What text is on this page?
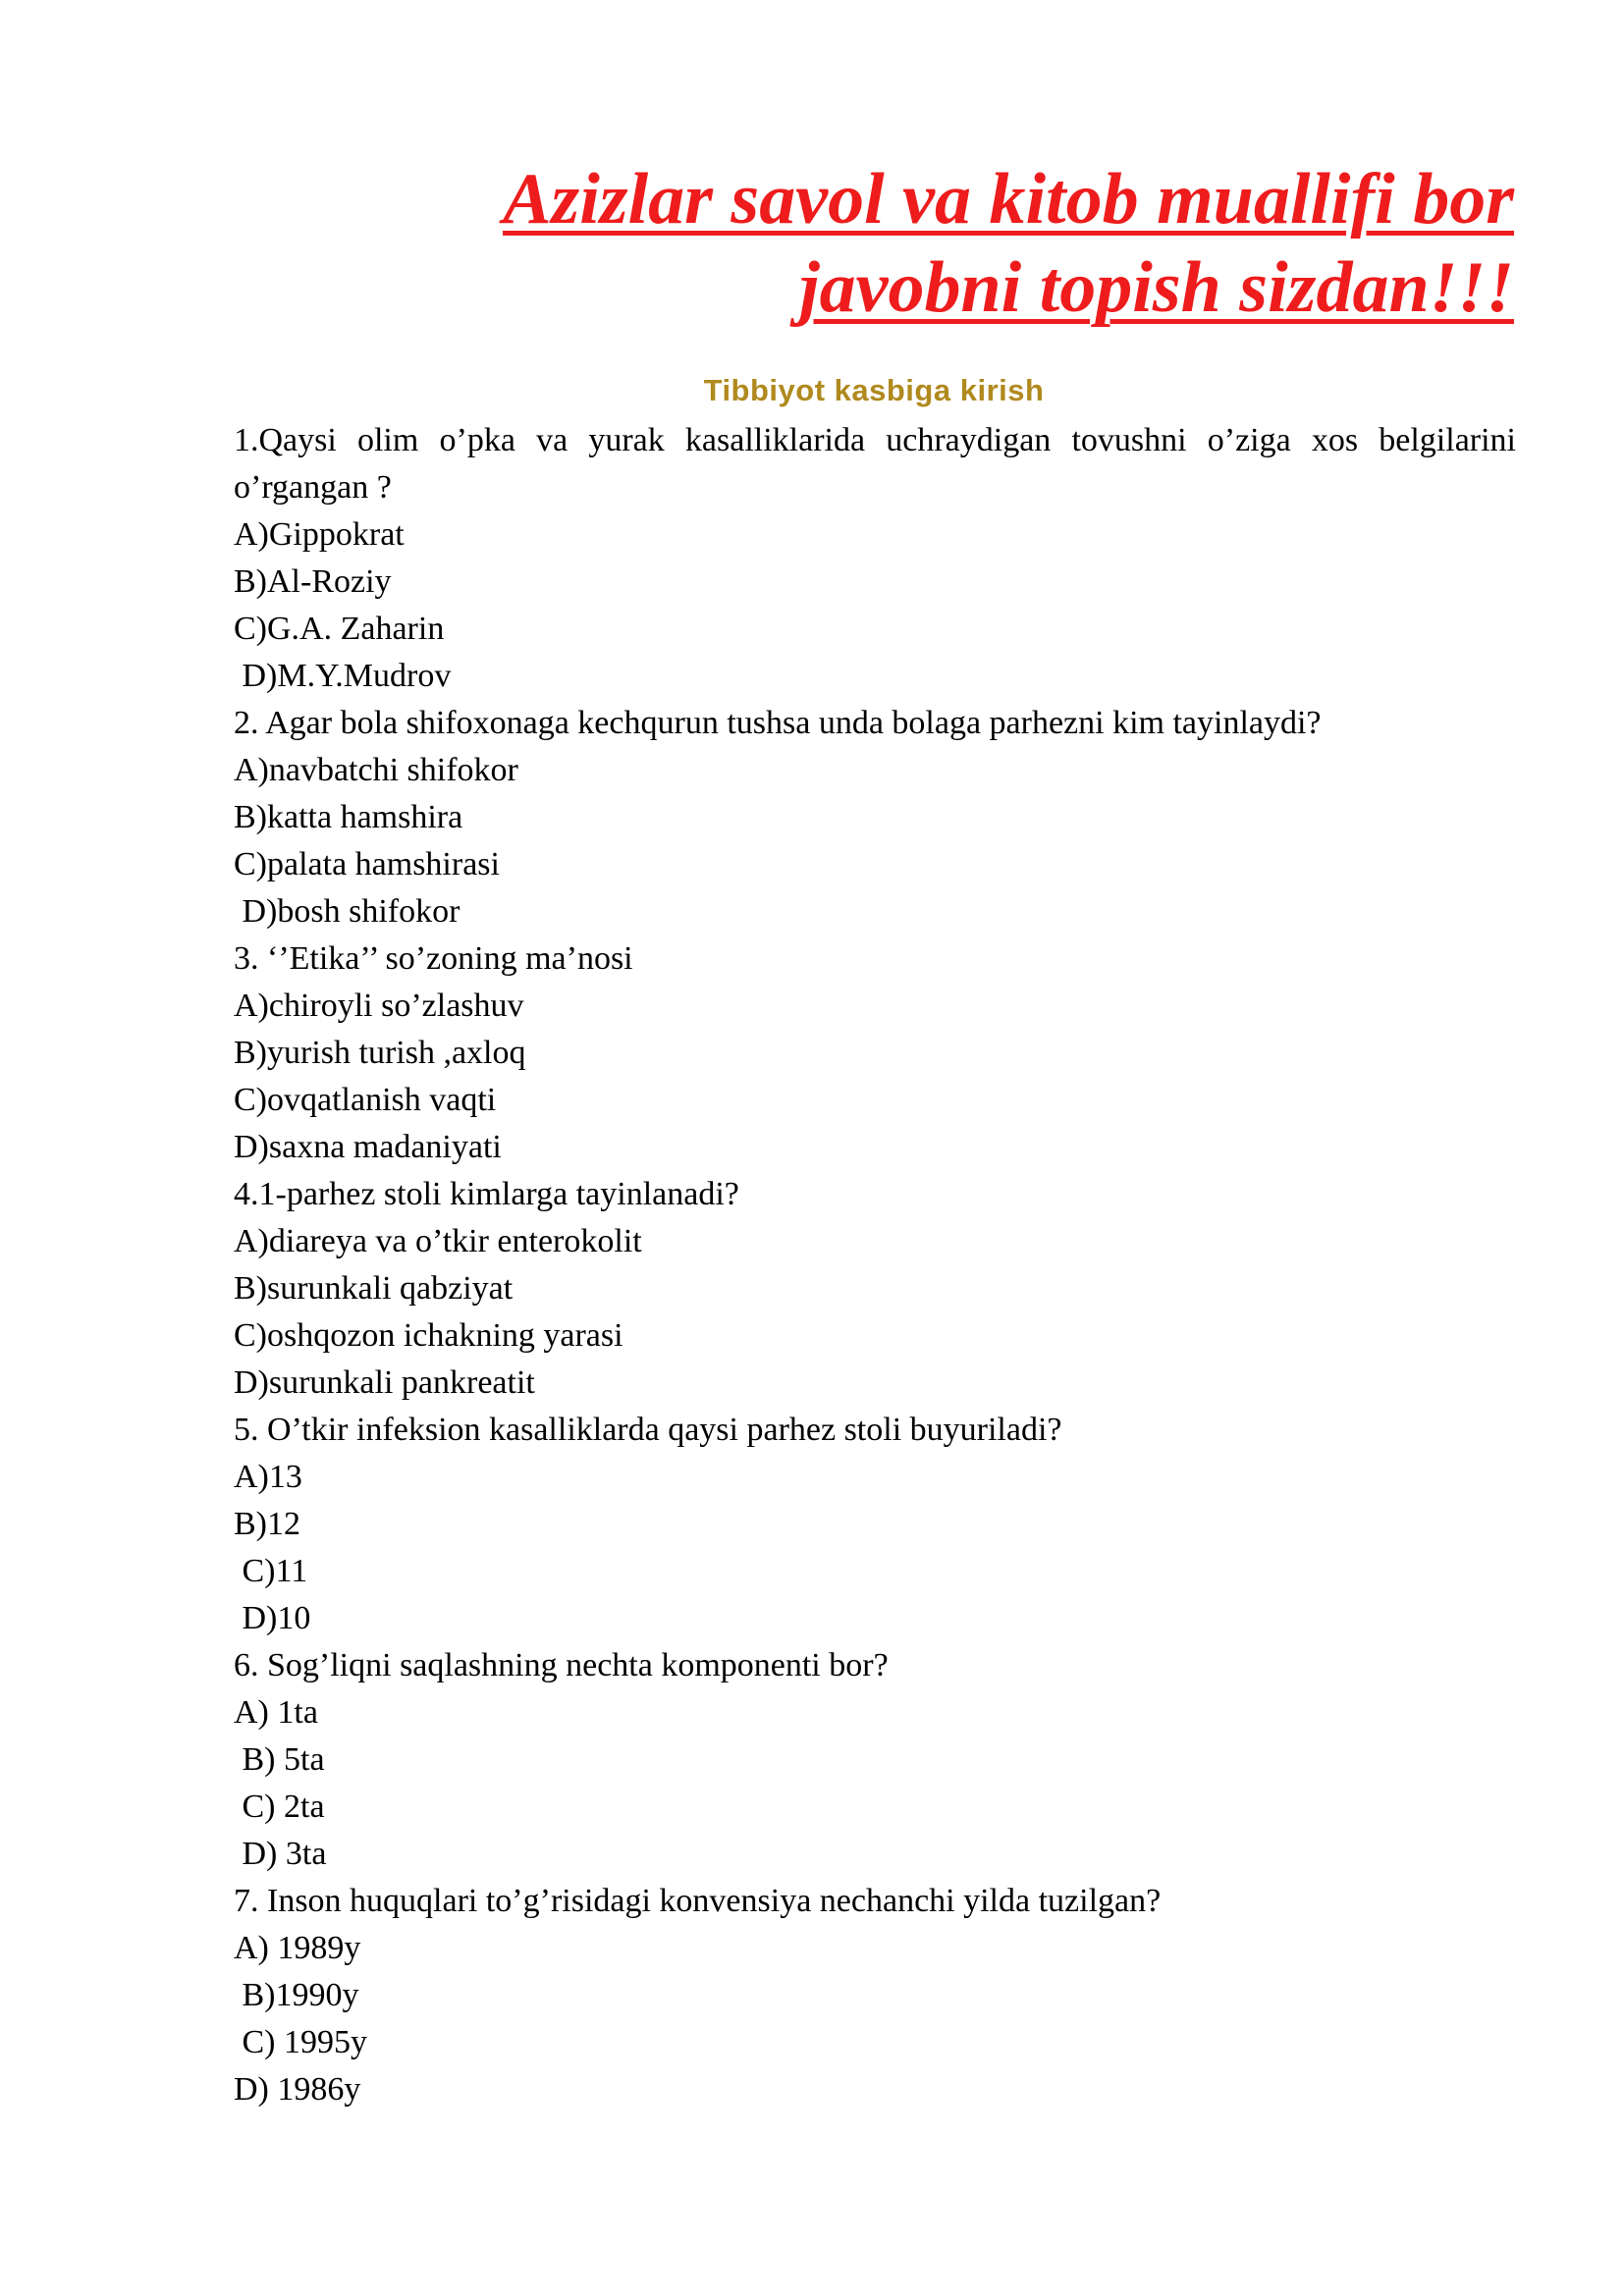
Azizlar savol va kitob muallifi bor
javobni topish sizdan!!!
Tibbiyot kasbiga kirish
1.Qaysi olim o’pka va yurak kasalliklarida uchraydigan tovushni o’ziga xos belgilarini
o’rgangan ?
A)Gippokrat
B)Al-Roziy
C)G.A. Zaharin
D)M.Y.Mudrov
2. Agar bola shifoxonaga kechqurun tushsa unda bolaga parhezni kim tayinlaydi?
A)navbatchi shifokor
B)katta hamshira
C)palata hamshirasi
D)bosh shifokor
3. ‘’Etika’’ so’zoning ma’nosi
A)chiroyli so’zlashuv
B)yurish turish ,axloq
C)ovqatlanish vaqti
D)saxna madaniyati
4.1-parhez stoli kimlarga tayinlanadi?
A)diareya va o’tkir enterokolit
B)surunkali qabziyat
C)oshqozon ichakning yarasi
D)surunkali pankreatit
5. O’tkir infeksion kasalliklarda qaysi parhez stoli buyuriladi?
A)13
B)12
C)11
D)10
6. Sog’liqni saqlashning nechta komponenti bor?
A) 1ta
B) 5ta
C) 2ta
D) 3ta
7. Inson huquqlari to’g’risidagi konvensiya nechanchi yilda tuzilgan?
A) 1989y
B)1990y
C) 1995y
D) 1986y
